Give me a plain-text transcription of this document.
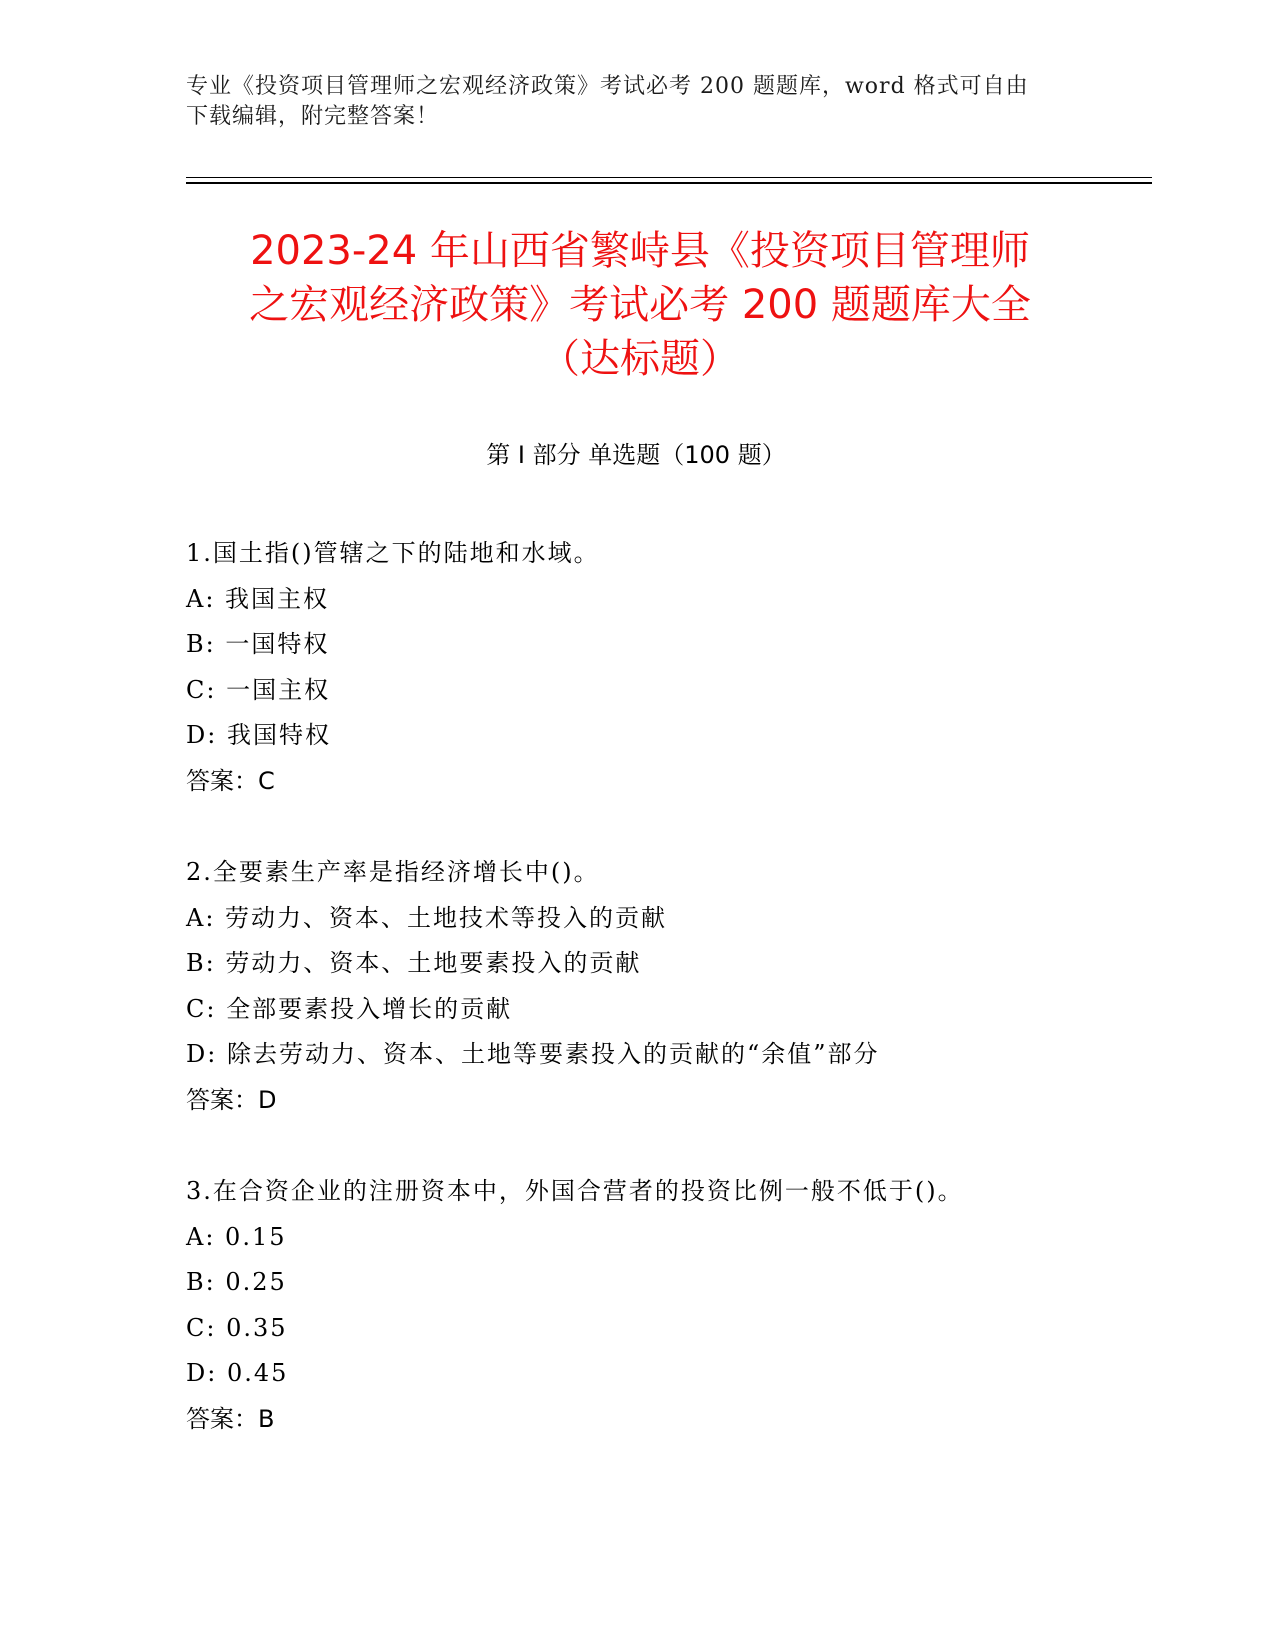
专业《投资项目管理师之宏观经济政策》考试必考 200 题题库，word 格式可自由
下载编辑，附完整答案！
2023-24 年山西省繁峙县《投资项目管理师
之宏观经济政策》考试必考 200 题题库大全
（达标题）
第 I 部分 单选题（100 题）
1.国土指()管辖之下的陆地和水域。
A: 我国主权
B: 一国特权
C: 一国主权
D: 我国特权
答案：C
2.全要素生产率是指经济增长中()。
A: 劳动力、资本、土地技术等投入的贡献
B: 劳动力、资本、土地要素投入的贡献
C: 全部要素投入增长的贡献
D: 除去劳动力、资本、土地等要素投入的贡献的“余值”部分
答案：D
3.在合资企业的注册资本中，外国合营者的投资比例一般不低于()。
A: 0.15
B: 0.25
C: 0.35
D: 0.45
答案：B
